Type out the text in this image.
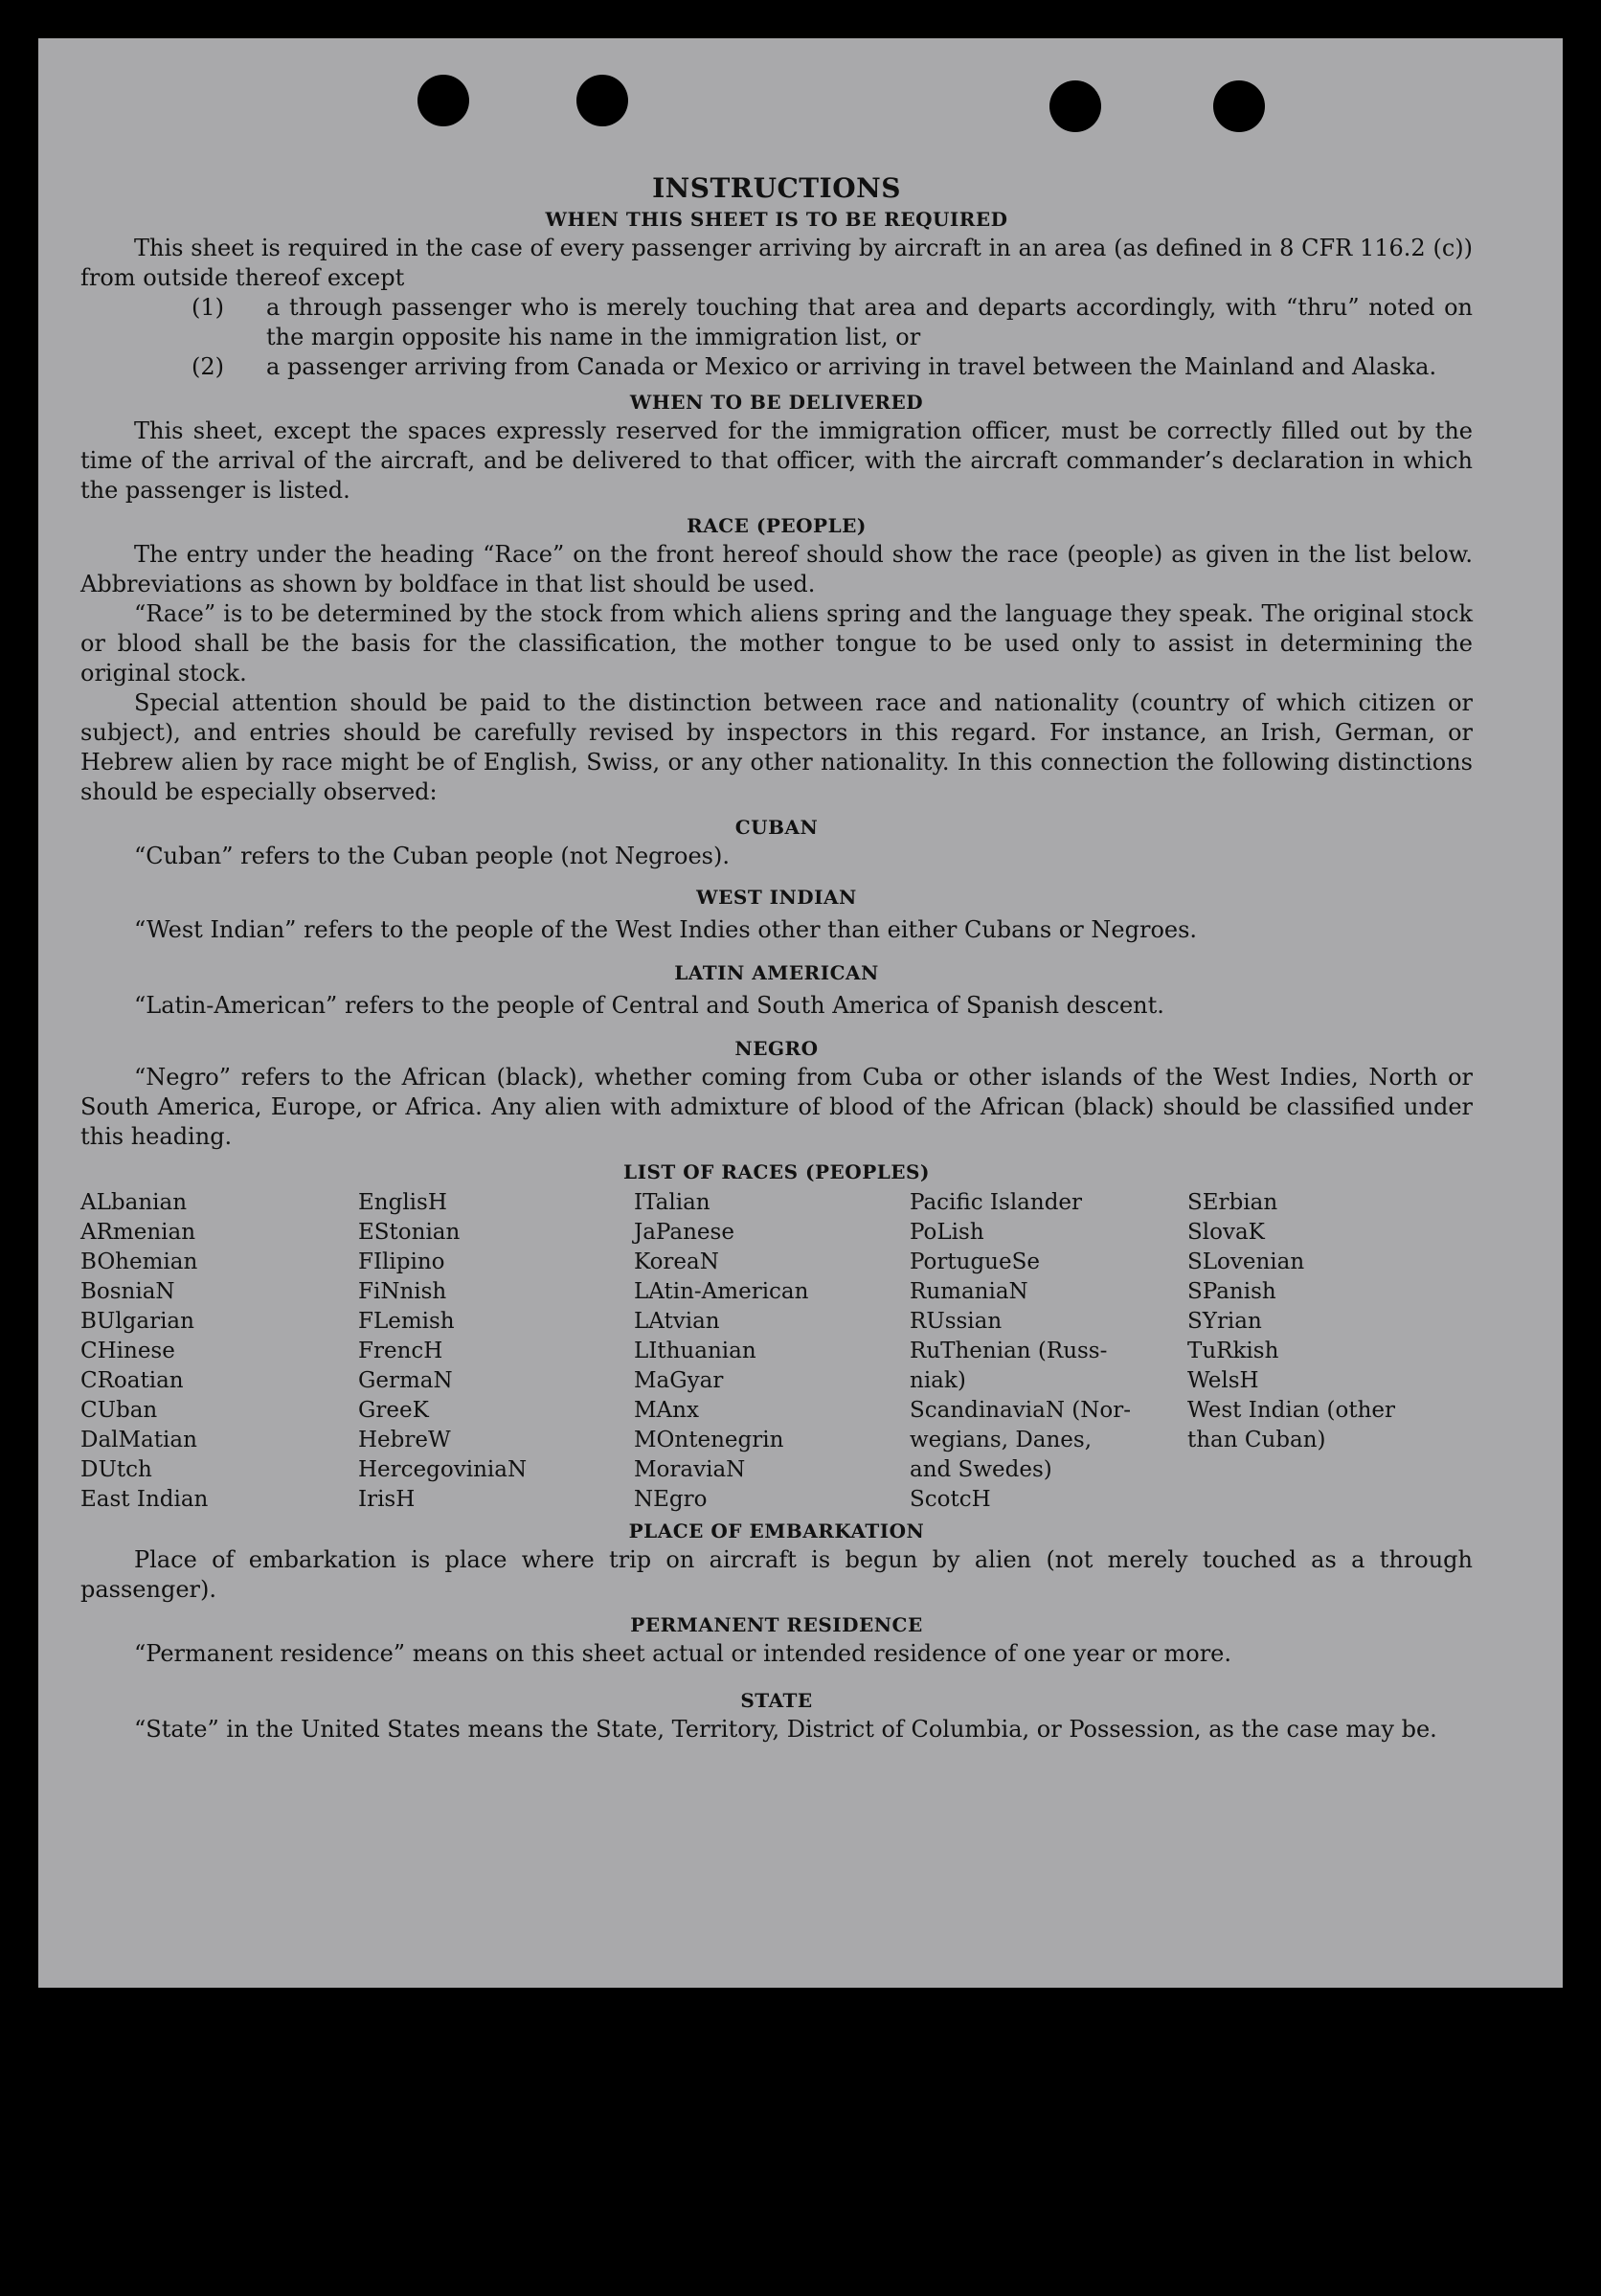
INSTRUCTIONS
WHEN THIS SHEET IS TO BE REQUIRED

This sheet is required in the case of every passenger arriving by aircraft in an area (as defined in 8 CFR 116.2 (c)) from outside thereof except

(1)	a through passenger who is merely touching that area and departs accordingly, with “thru” noted on the margin opposite his name in the immigration list, or
(2)	a passenger arriving from Canada or Mexico or arriving in travel between the Mainland and Alaska.
WHEN TO BE DELIVERED

This sheet, except the spaces expressly reserved for the immigration officer, must be correctly filled out by the time of the arrival of the aircraft, and be delivered to that officer, with the aircraft commander’s declaration in which the passenger is listed.

RACE (PEOPLE)

The entry under the heading “Race” on the front hereof should show the race (people) as given in the list below. Abbreviations as shown by boldface in that list should be used.

“Race” is to be determined by the stock from which aliens spring and the language they speak. The original stock or blood shall be the basis for the classification, the mother tongue to be used only to assist in determining the original stock.

Special attention should be paid to the distinction between race and nationality (country of which citizen or subject), and entries should be carefully revised by inspectors in this regard. For instance, an Irish, German, or Hebrew alien by race might be of English, Swiss, or any other nationality. In this connection the following distinctions should be especially observed:

CUBAN

“Cuban” refers to the Cuban people (not Negroes).

WEST INDIAN

“West Indian” refers to the people of the West Indies other than either Cubans or Negroes.

LATIN AMERICAN

“Latin-American” refers to the people of Central and South America of Spanish descent.

NEGRO

“Negro” refers to the African (black), whether coming from Cuba or other islands of the West Indies, North or South America, Europe, or Africa. Any alien with admixture of blood of the African (black) should be classified under this heading.

LIST OF RACES (PEOPLES)
ALbanian
ARmenian
BOhemian
BosniaN
BUlgarian
CHinese
CRoatian
CUban
DalMatian
DUtch
East Indian
EnglisH
EStonian
FIlipino
FiNnish
FLemish
FrencH
GermaN
GreeK
HebreW
HercegoviniaN
IrisH
ITalian
JaPanese
KoreaN
LAtin-American
LAtvian
LIthuanian
MaGyar
MAnx
MOntenegrin
MoraviaN
NEgro
Pacific Islander
PoLish
PortugueSe
RumaniaN
RUssian
RuThenian (Russ-
niak)
ScandinaviaN (Nor-
wegians, Danes,
and Swedes)
ScotcH
SErbian
SlovaK
SLovenian
SPanish
SYrian
TuRkish
WelsH
West Indian (other
than Cuban)
PLACE OF EMBARKATION

Place of embarkation is place where trip on aircraft is begun by alien (not merely touched as a through passenger).

PERMANENT RESIDENCE

“Permanent residence” means on this sheet actual or intended residence of one year or more.

STATE

“State” in the United States means the State, Territory, District of Columbia, or Possession, as the case may be.
